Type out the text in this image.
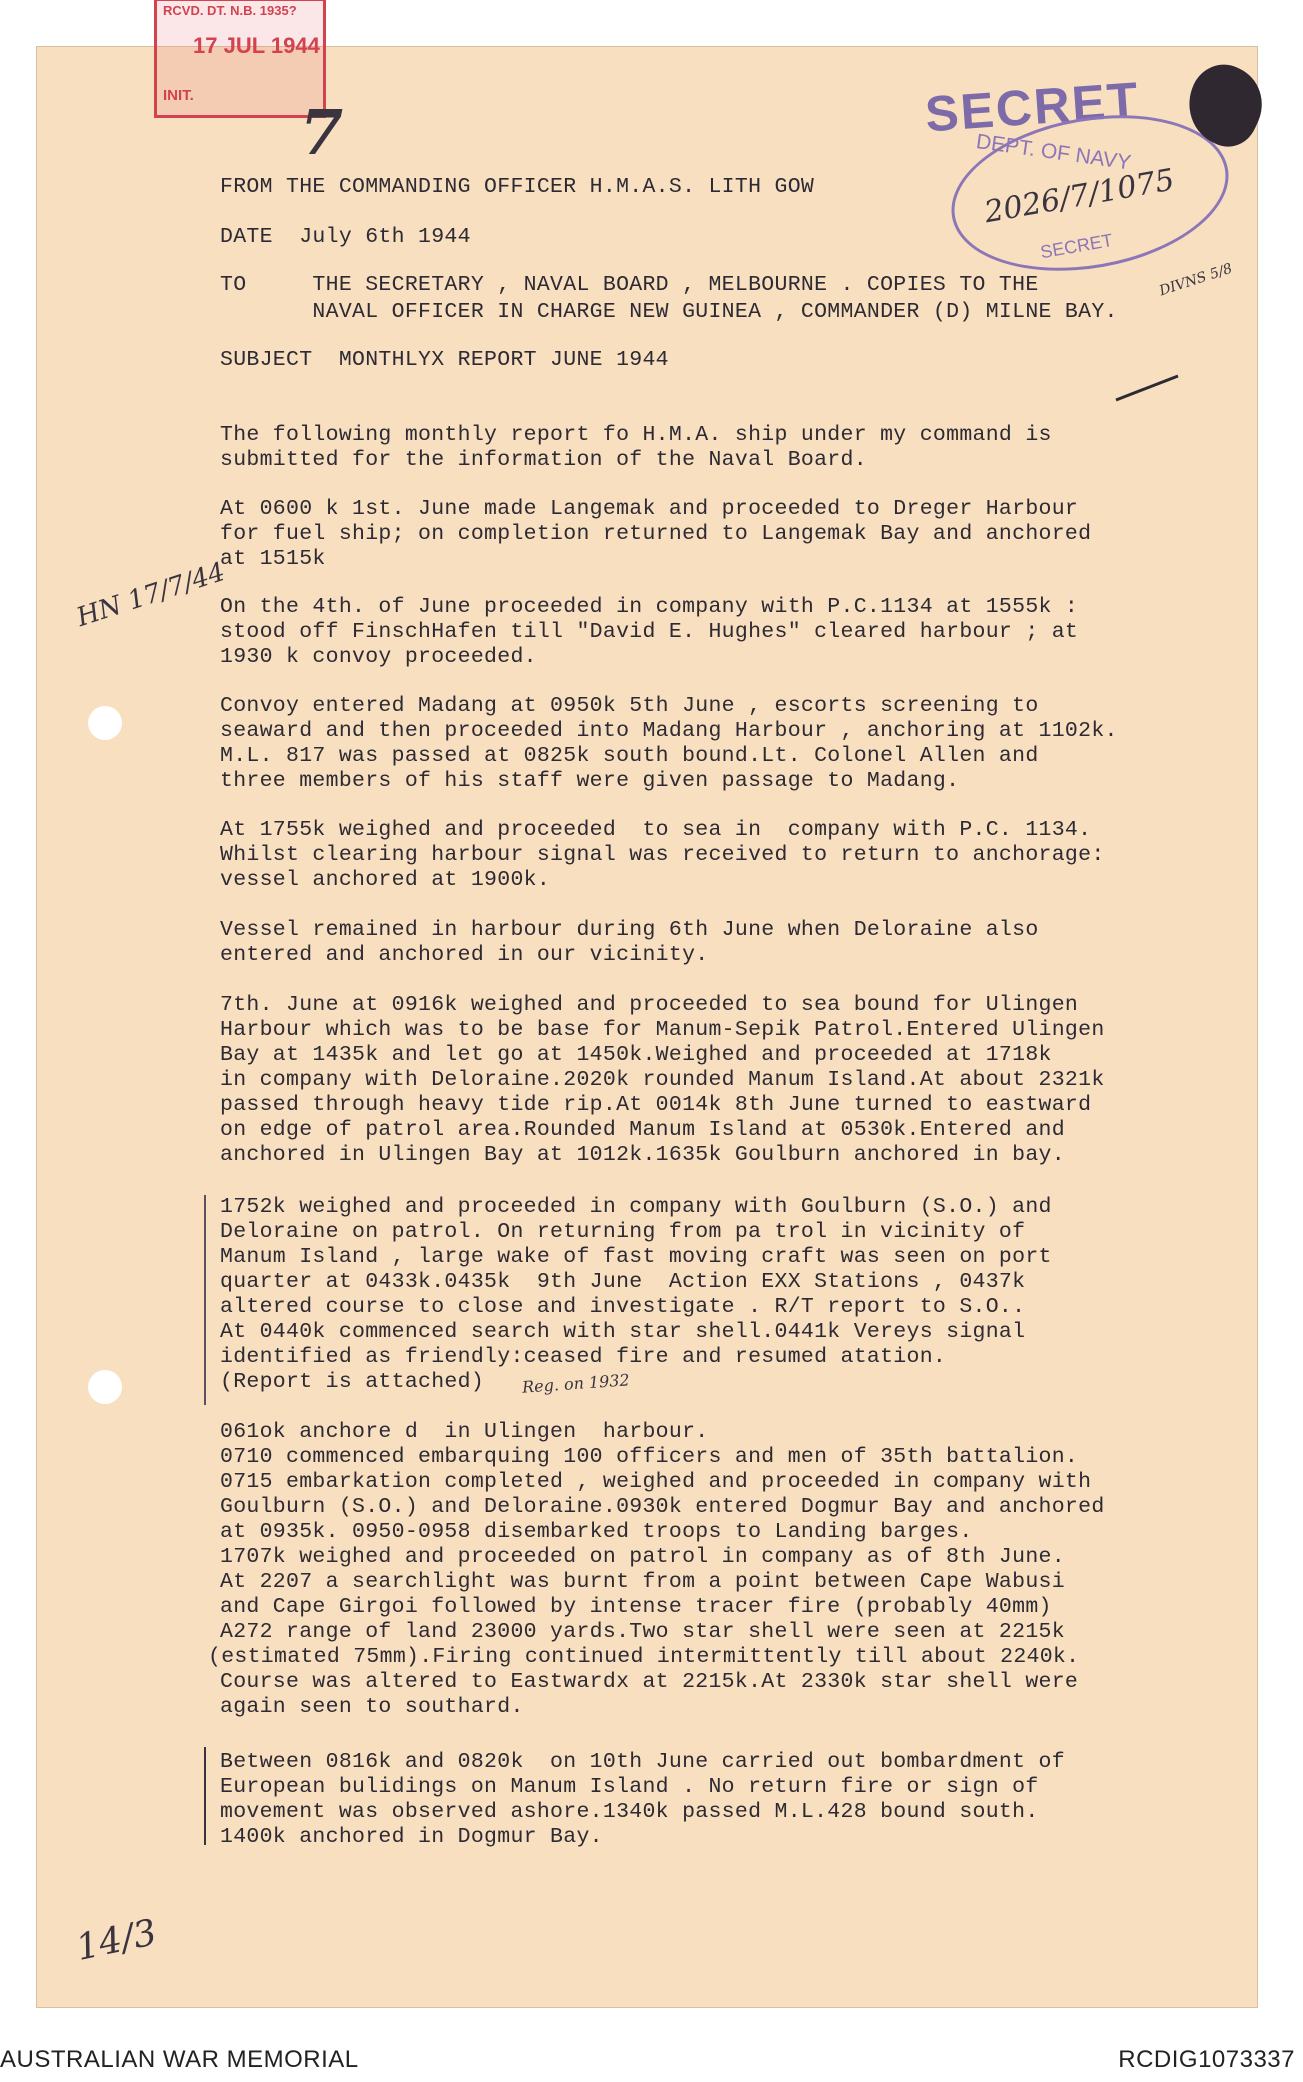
RCVD. DT. N.B. 1935?
17 JUL 1944
INIT.
7	SECRET
DEPT. OF NAVY
2026/7/1075
SECRET
DIVNS 5/8
FROM THE COMMANDING OFFICER H.M.A.S. LITH GOW
DATE  July 6th 1944
TO     THE SECRETARY , NAVAL BOARD , MELBOURNE . COPIES TO THE
NAVAL OFFICER IN CHARGE NEW GUINEA , COMMANDER (D) MILNE BAY.
SUBJECT  MONTHLYX REPORT JUNE 1944
HN 17/7/44
The following monthly report fo H.M.A. ship under my command is
submitted for the information of the Naval Board.
At 0600 k 1st. June made Langemak and proceeded to Dreger Harbour
for fuel ship; on completion returned to Langemak Bay and anchored
at 1515k
On the 4th. of June proceeded in company with P.C.1134 at 1555k :
stood off FinschHafen till "David E. Hughes" cleared harbour ; at
1930 k convoy proceeded.
Convoy entered Madang at 0950k 5th June , escorts screening to
seaward and then proceeded into Madang Harbour , anchoring at 1102k.
M.L. 817 was passed at 0825k south bound.Lt. Colonel Allen and
three members of his staff were given passage to Madang.
At 1755k weighed and proceeded  to sea in  company with P.C. 1134.
Whilst clearing harbour signal was received to return to anchorage:
vessel anchored at 1900k.
Vessel remained in harbour during 6th June when Deloraine also
entered and anchored in our vicinity.
7th. June at 0916k weighed and proceeded to sea bound for Ulingen
Harbour which was to be base for Manum-Sepik Patrol.Entered Ulingen
Bay at 1435k and let go at 1450k.Weighed and proceeded at 1718k
in company with Deloraine.2020k rounded Manum Island.At about 2321k
passed through heavy tide rip.At 0014k 8th June turned to eastward
on edge of patrol area.Rounded Manum Island at 0530k.Entered and
anchored in Ulingen Bay at 1012k.1635k Goulburn anchored in bay.
1752k weighed and proceeded in company with Goulburn (S.O.) and
Deloraine on patrol. On returning from pa trol in vicinity of
Manum Island , large wake of fast moving craft was seen on port
quarter at 0433k.0435k  9th June  Action EXX Stations , 0437k
altered course to close and investigate . R/T report to S.O..
At 0440k commenced search with star shell.0441k Vereys signal
identified as friendly:ceased fire and resumed atation.
(Report is attached) Reg. on 1932
061ok anchore d  in Ulingen  harbour.
0710 commenced embarquing 100 officers and men of 35th battalion.
0715 embarkation completed , weighed and proceeded in company with
Goulburn (S.O.) and Deloraine.0930k entered Dogmur Bay and anchored
at 0935k. 0950-0958 disembarked troops to Landing barges.
1707k weighed and proceeded on patrol in company as of 8th June.
At 2207 a searchlight was burnt from a point between Cape Wabusi
and Cape Girgoi followed by intense tracer fire (probably 40mm)
A272 range of land 23000 yards.Two star shell were seen at 2215k
(estimated 75mm).Firing continued intermittently till about 2240k.
Course was altered to Eastwardx at 2215k.At 2330k star shell were
again seen to southard.
Between 0816k and 0820k  on 10th June carried out bombardment of
European bulidings on Manum Island . No return fire or sign of
movement was observed ashore.1340k passed M.L.428 bound south.
1400k anchored in Dogmur Bay.
14/3
AUSTRALIAN WAR MEMORIAL	RCDIG1073337
